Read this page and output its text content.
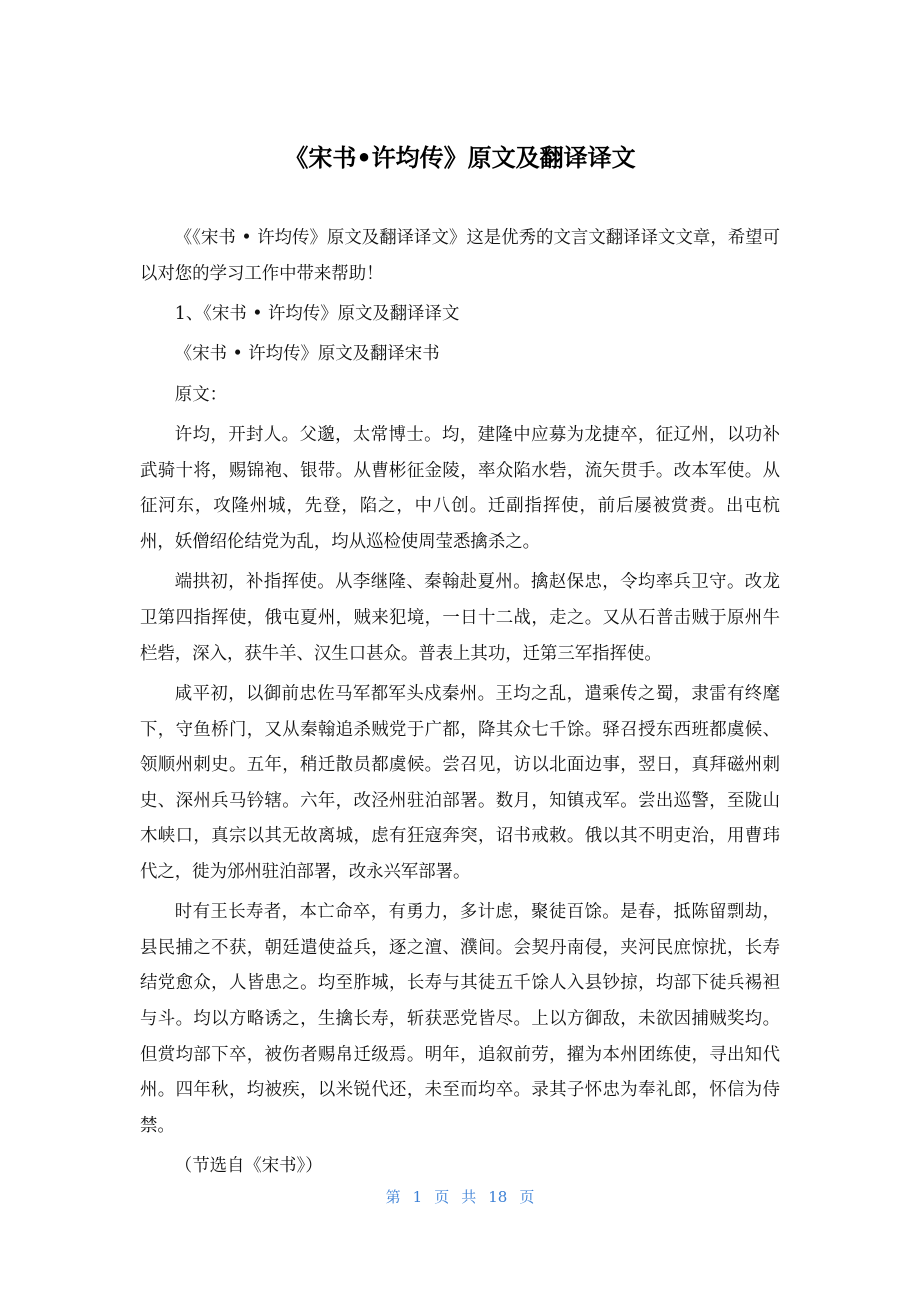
《宋书•许均传》原文及翻译译文

《《宋书 • 许均传》原文及翻译译文》这是优秀的文言文翻译译文文章，希望可以对您的学习工作中带来帮助！

1、《宋书 • 许均传》原文及翻译译文

《宋书 • 许均传》原文及翻译宋书

原文：

许均，开封人。父邈，太常博士。均，建隆中应募为龙捷卒，征辽州，以功补武骑十将，赐锦袍、银带。从曹彬征金陵，率众陷水砦，流矢贯手。改本军使。从征河东，攻隆州城，先登，陷之，中八创。迁副指挥使，前后屡被赏赉。出屯杭州，妖僧绍伦结党为乱，均从巡检使周莹悉擒杀之。

端拱初，补指挥使。从李继隆、秦翰赴夏州。擒赵保忠，令均率兵卫守。改龙卫第四指挥使，俄屯夏州，贼来犯境，一日十二战，走之。又从石普击贼于原州牛栏砦，深入，获牛羊、汉生口甚众。普表上其功，迁第三军指挥使。

咸平初，以御前忠佐马军都军头戍秦州。王均之乱，遣乘传之蜀，隶雷有终麾下，守鱼桥门，又从秦翰追杀贼党于广都，降其众七千馀。驿召授东西班都虞候、领顺州刺史。五年，稍迁散员都虞候。尝召见，访以北面边事，翌日，真拜磁州刺史、深州兵马钤辖。六年，改泾州驻泊部署。数月，知镇戎军。尝出巡警，至陇山木峡口，真宗以其无故离城，虑有狂寇奔突，诏书戒敕。俄以其不明吏治，用曹玮代之，徙为邠州驻泊部署，改永兴军部署。

时有王长寿者，本亡命卒，有勇力，多计虑，聚徒百馀。是春，抵陈留剽劫，县民捕之不获，朝廷遣使益兵，逐之澶、濮间。会契丹南侵，夹河民庶惊扰，长寿结党愈众，人皆患之。均至胙城，长寿与其徒五千馀人入县钞掠，均部下徒兵裼袒与斗。均以方略诱之，生擒长寿，斩获恶党皆尽。上以方御敌，未欲因捕贼奖均。但赏均部下卒，被伤者赐帛迁级焉。明年，追叙前劳，擢为本州团练使，寻出知代州。四年秋，均被疾，以米锐代还，未至而均卒。录其子怀忠为奉礼郎，怀信为侍禁。

（节选自《宋书》）

第 1 页 共 18 页
